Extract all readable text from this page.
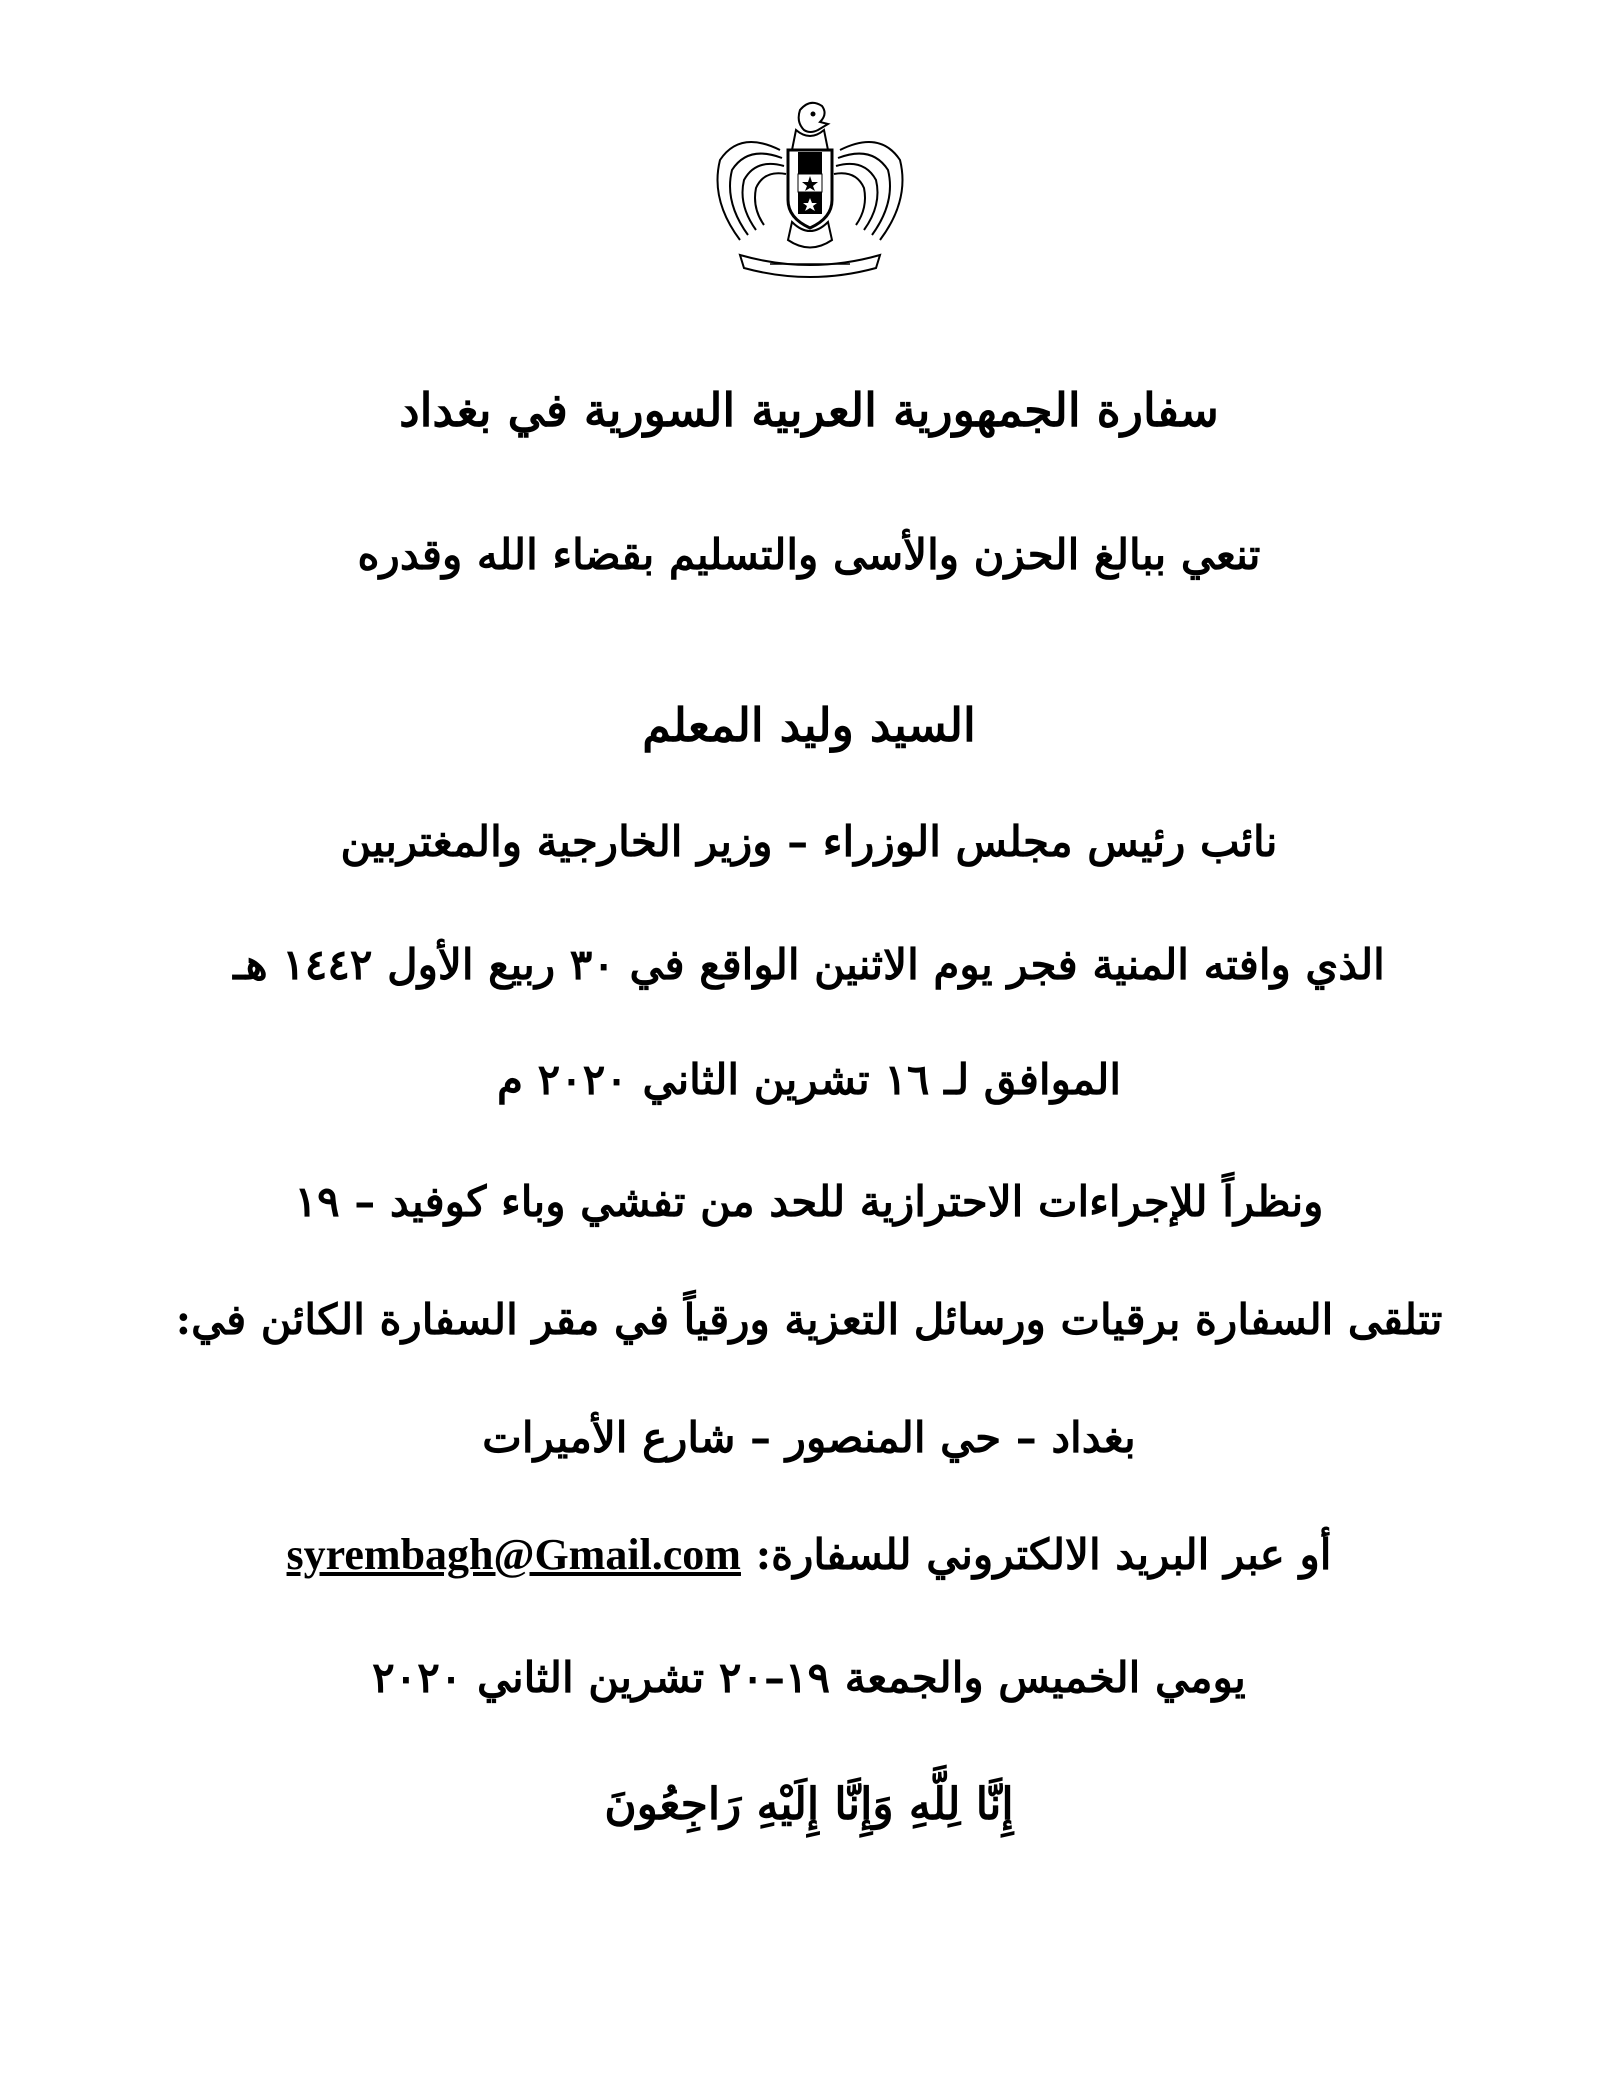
سفارة الجمهورية العربية السورية في بغداد
تنعي ببالغ الحزن والأسى والتسليم بقضاء الله وقدره
السيد وليد المعلم
نائب رئيس مجلس الوزراء – وزير الخارجية والمغتربين
الذي وافته المنية فجر يوم الاثنين الواقع في ٣٠ ربيع الأول ١٤٤٢ هـ
الموافق لـ ١٦ تشرين الثاني ٢٠٢٠ م
ونظراً للإجراءات الاحترازية للحد من تفشي وباء كوفيد – ١٩
تتلقى السفارة برقيات ورسائل التعزية ورقياً في مقر السفارة الكائن في:
بغداد – حي المنصور – شارع الأميرات
أو عبر البريد الالكتروني للسفارة: syrembagh@Gmail.com
يومي الخميس والجمعة ١٩–٢٠ تشرين الثاني ٢٠٢٠
إِنَّا لِلَّهِ وَإِنَّا إِلَيْهِ رَاجِعُونَ
